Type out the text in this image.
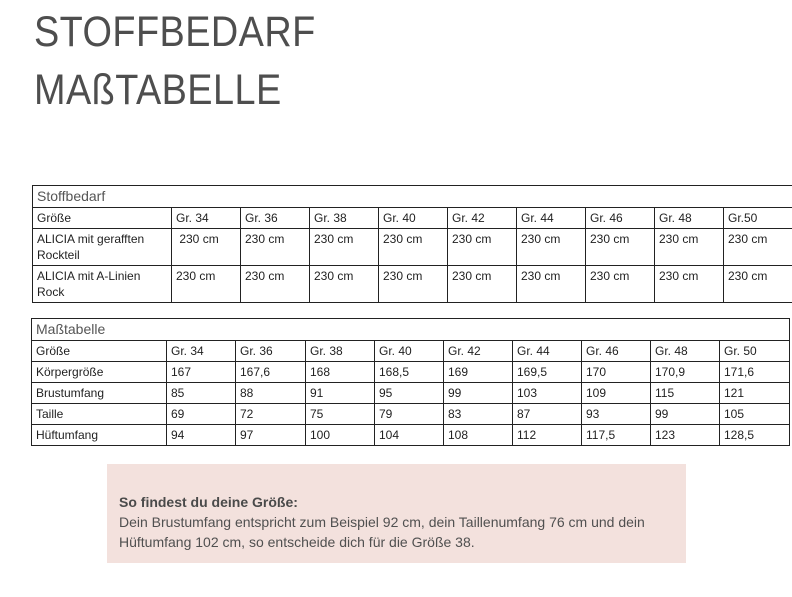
STOFFBEDARF
MAßTABELLE
Stoffbedarf									
Größe	Gr. 34	Gr. 36	Gr. 38	Gr. 40	Gr. 42	Gr. 44	Gr. 46	Gr. 48	Gr.50
ALICIA mit gerafften Rockteil	230 cm	230 cm	230 cm	230 cm	230 cm	230 cm	230 cm	230 cm	230 cm
ALICIA mit A-Linien Rock	230 cm	230 cm	230 cm	230 cm	230 cm	230 cm	230 cm	230 cm	230 cm
Maßtabelle									
Größe	Gr. 34	Gr. 36	Gr. 38	Gr. 40	Gr. 42	Gr. 44	Gr. 46	Gr. 48	Gr. 50
Körpergröße	167	167,6	168	168,5	169	169,5	170	170,9	171,6
Brustumfang	85	88	91	95	99	103	109	115	121
Taille	69	72	75	79	83	87	93	99	105
Hüftumfang	94	97	100	104	108	112	117,5	123	128,5
So findest du deine Größe:
Dein Brustumfang entspricht zum Beispiel 92 cm, dein Taillenumfang 76 cm und dein Hüftumfang 102 cm, so entscheide dich für die Größe 38.
